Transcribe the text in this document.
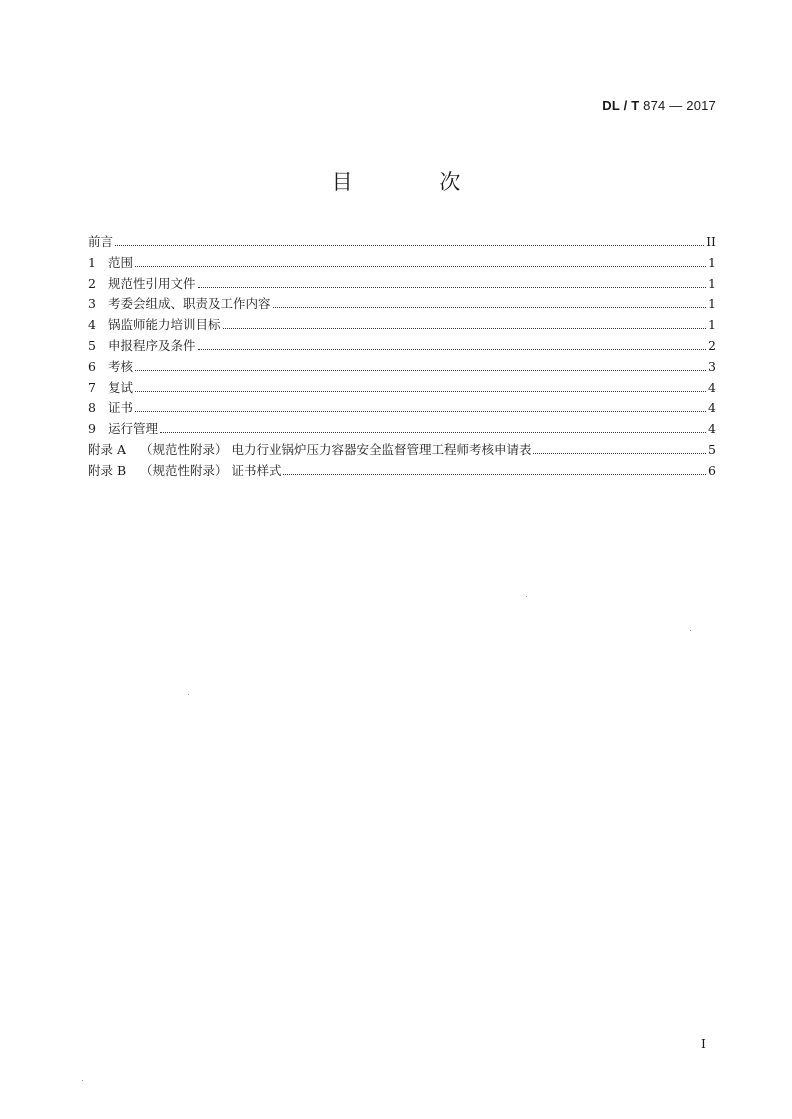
DL / T 874 — 2017
目 次
前言	II
1 范围	1
2 规范性引用文件	1
3 考委会组成、职责及工作内容	1
4 锅监师能力培训目标	1
5 申报程序及条件	2
6 考核	3
7 复试	4
8 证书	4
9 运行管理	4
附录 A	（规范性附录） 电力行业锅炉压力容器安全监督管理工程师考核申请表	5
附录 B	（规范性附录） 证书样式	6
I
